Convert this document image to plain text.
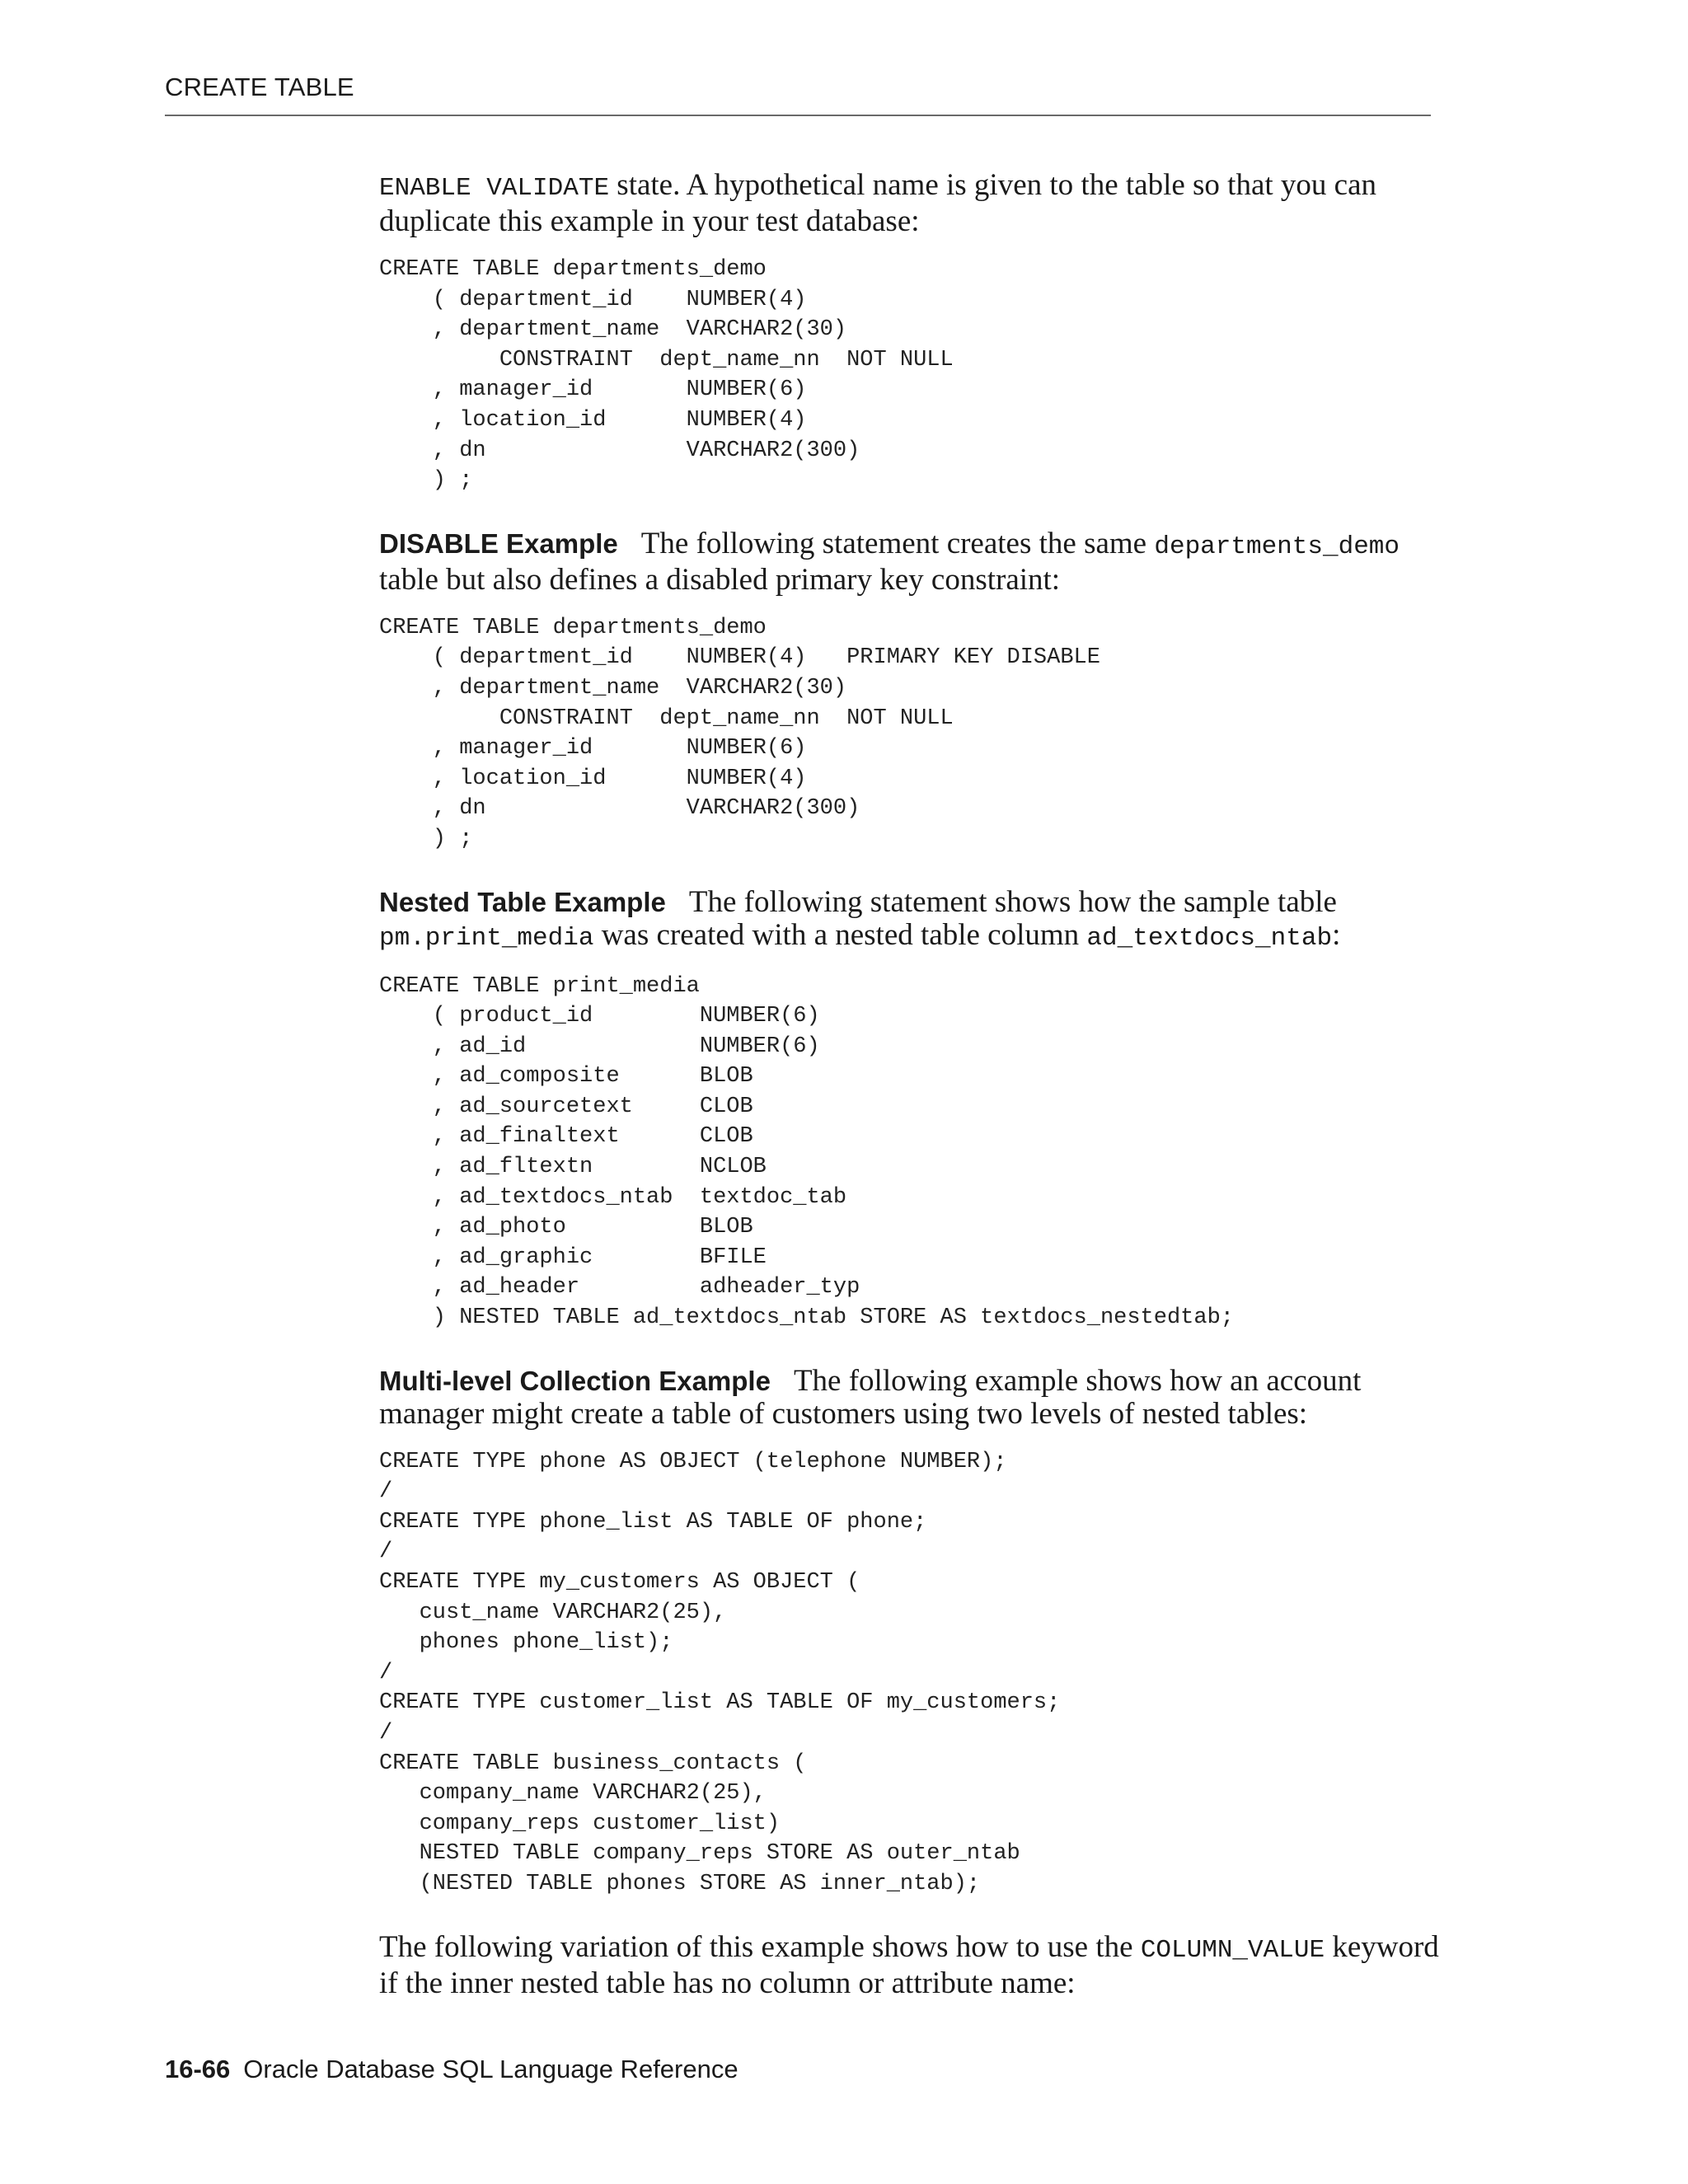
CREATE TABLE

ENABLE VALIDATE state. A hypothetical name is given to the table so that you can duplicate this example in your test database:

CREATE TABLE departments_demo
( department_id    NUMBER(4)
, department_name  VARCHAR2(30)
CONSTRAINT  dept_name_nn  NOT NULL
, manager_id       NUMBER(6)
, location_id      NUMBER(4)
, dn               VARCHAR2(300)
) ;

DISABLE Example The following statement creates the same departments_demo table but also defines a disabled primary key constraint:

CREATE TABLE departments_demo
( department_id    NUMBER(4)   PRIMARY KEY DISABLE
, department_name  VARCHAR2(30)
CONSTRAINT  dept_name_nn  NOT NULL
, manager_id       NUMBER(6)
, location_id      NUMBER(4)
, dn               VARCHAR2(300)
) ;

Nested Table Example The following statement shows how the sample table pm.print_media was created with a nested table column ad_textdocs_ntab:

CREATE TABLE print_media
( product_id        NUMBER(6)
, ad_id             NUMBER(6)
, ad_composite      BLOB
, ad_sourcetext     CLOB
, ad_finaltext      CLOB
, ad_fltextn        NCLOB
, ad_textdocs_ntab  textdoc_tab
, ad_photo          BLOB
, ad_graphic        BFILE
, ad_header         adheader_typ
) NESTED TABLE ad_textdocs_ntab STORE AS textdocs_nestedtab;

Multi-level Collection Example The following example shows how an account manager might create a table of customers using two levels of nested tables:

CREATE TYPE phone AS OBJECT (telephone NUMBER);
/
CREATE TYPE phone_list AS TABLE OF phone;
/
CREATE TYPE my_customers AS OBJECT (
cust_name VARCHAR2(25),
phones phone_list);
/
CREATE TYPE customer_list AS TABLE OF my_customers;
/
CREATE TABLE business_contacts (
company_name VARCHAR2(25),
company_reps customer_list)
NESTED TABLE company_reps STORE AS outer_ntab
(NESTED TABLE phones STORE AS inner_ntab);

The following variation of this example shows how to use the COLUMN_VALUE keyword if the inner nested table has no column or attribute name:

16-66 Oracle Database SQL Language Reference
